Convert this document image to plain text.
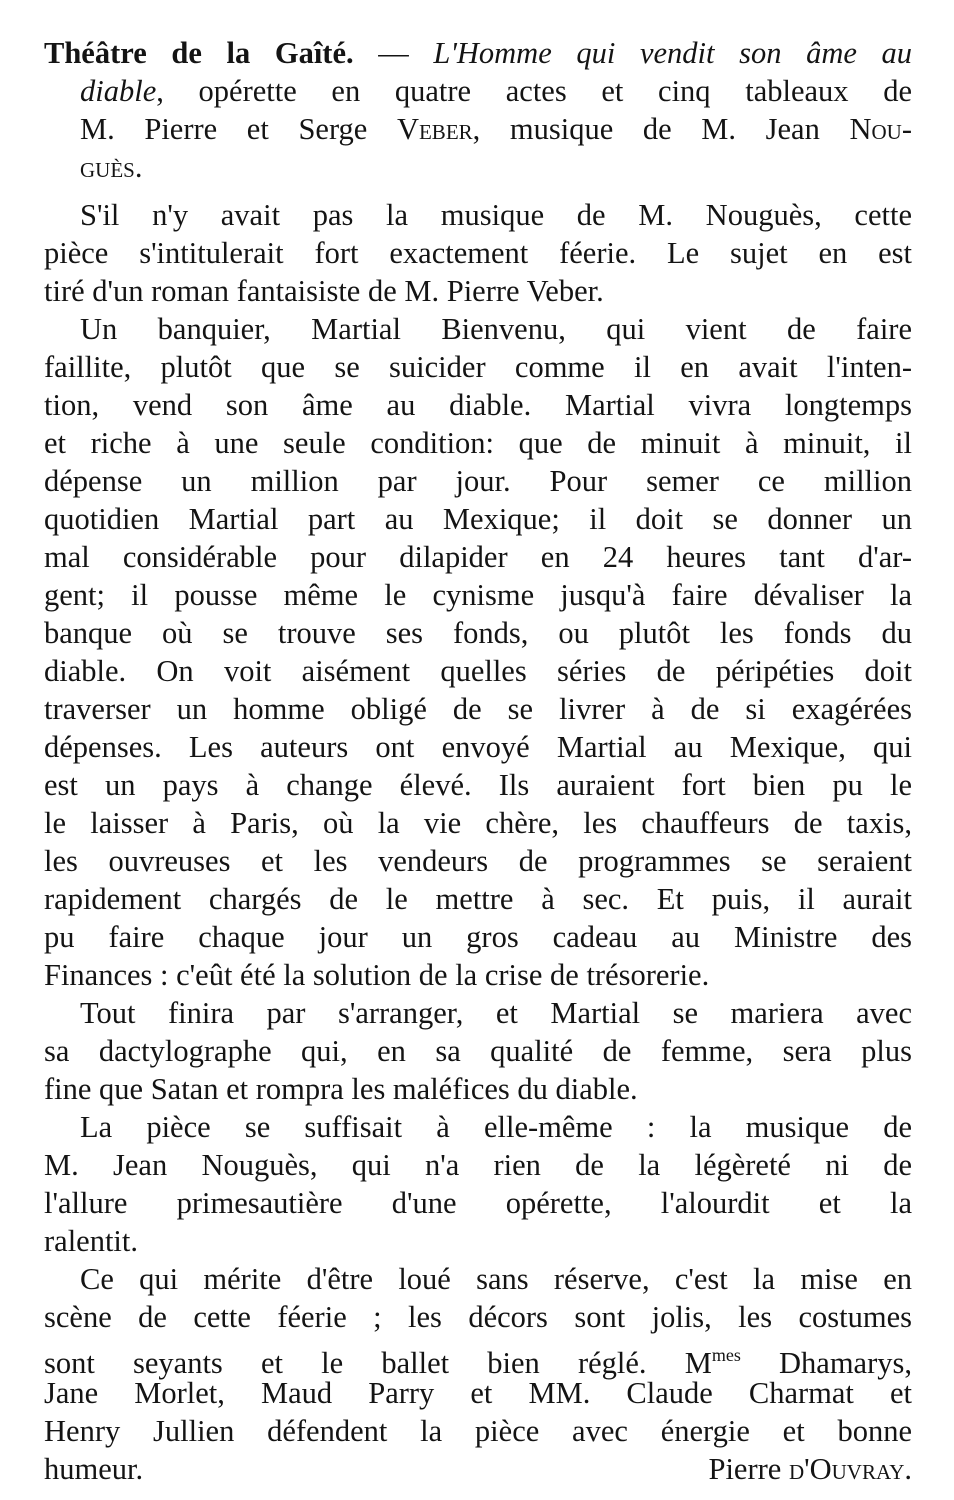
Théâtre de la Gaîté. — L'Homme qui vendit son âme au
diable, opérette en quatre actes et cinq tableaux de
M. Pierre et Serge Veber, musique de M. Jean Nou-
guès.
S'il n'y avait pas la musique de M. Nouguès, cette
pièce s'intitulerait fort exactement féerie. Le sujet en est
tiré d'un roman fantaisiste de M. Pierre Veber.
Un banquier, Martial Bienvenu, qui vient de faire
faillite, plutôt que se suicider comme il en avait l'inten-
tion, vend son âme au diable. Martial vivra longtemps
et riche à une seule condition: que de minuit à minuit, il
dépense un million par jour. Pour semer ce million
quotidien Martial part au Mexique; il doit se donner un
mal considérable pour dilapider en 24 heures tant d'ar-
gent; il pousse même le cynisme jusqu'à faire dévaliser la
banque où se trouve ses fonds, ou plutôt les fonds du
diable. On voit aisément quelles séries de péripéties doit
traverser un homme obligé de se livrer à de si exagérées
dépenses. Les auteurs ont envoyé Martial au Mexique, qui
est un pays à change élevé. Ils auraient fort bien pu le
le laisser à Paris, où la vie chère, les chauffeurs de taxis,
les ouvreuses et les vendeurs de programmes se seraient
rapidement chargés de le mettre à sec. Et puis, il aurait
pu faire chaque jour un gros cadeau au Ministre des
Finances : c'eût été la solution de la crise de trésorerie.
Tout finira par s'arranger, et Martial se mariera avec
sa dactylographe qui, en sa qualité de femme, sera plus
fine que Satan et rompra les maléfices du diable.
La pièce se suffisait à elle-même : la musique de
M. Jean Nouguès, qui n'a rien de la légèreté ni de
l'allure primesautière d'une opérette, l'alourdit et la
ralentit.
Ce qui mérite d'être loué sans réserve, c'est la mise en
scène de cette féerie ; les décors sont jolis, les costumes
sont seyants et le ballet bien réglé. $M^{mes}$ Dhamarys,
Jane Morlet, Maud Parry et MM. Claude Charmat et
Henry Jullien défendent la pièce avec énergie et bonne
humeur.	Pierre d'Ouvray.
